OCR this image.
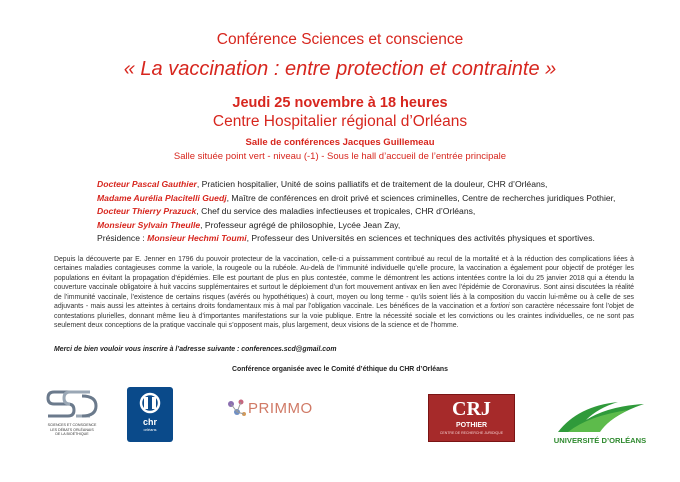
Conférence Sciences et conscience
« La vaccination : entre protection et contrainte »
Jeudi 25 novembre à 18 heures
Centre Hospitalier régional d’Orléans
Salle de conférences Jacques Guillemeau
Salle située point vert - niveau (-1) - Sous le hall d’accueil de l’entrée principale
Docteur Pascal Gauthier, Praticien hospitalier, Unité de soins palliatifs et de traitement de la douleur, CHR d’Orléans,
Madame Aurélia Placitelli Guedj, Maître de conférences en droit privé et sciences criminelles, Centre de recherches juridiques Pothier,
Docteur Thierry Prazuck, Chef du service des maladies infectieuses et tropicales, CHR d’Orléans,
Monsieur Sylvain Theulle, Professeur agrégé de philosophie, Lycée Jean Zay,
Présidence : Monsieur Hechmi Toumi, Professeur des Universités en sciences et techniques des activités physiques et sportives.
Depuis la découverte par E. Jenner en 1796 du pouvoir protecteur de la vaccination, celle-ci a puissamment contribué au recul de la mortalité et à la réduction des complications liées à certaines maladies contagieuses comme la variole, la rougeole ou la rubéole. Au-delà de l’immunité individuelle qu’elle procure, la vaccination a également pour objectif de protéger les populations en évitant la propagation d’épidémies. Elle est pourtant de plus en plus contestée, comme le démontrent les actions intentées contre la loi du 25 janvier 2018 qui a étendu la couverture vaccinale obligatoire à huit vaccins supplémentaires et surtout le déploiement d’un fort mouvement antivax en lien avec l’épidémie de Coronavirus. Sont ainsi discutées la réalité de l’immunité vaccinale, l’existence de certains risques (avérés ou hypothétiques) à court, moyen ou long terme - qu’ils soient liés à la composition du vaccin lui-même ou à celle de ses adjuvants - mais aussi les atteintes à certains droits fondamentaux mis à mal par l’obligation vaccinale. Les bénéfices de la vaccination et a fortiori son caractère nécessaire font l’objet de contestations plurielles, donnant même lieu à d’importantes manifestations sur la voie publique. Entre la nécessité sociale et les convictions ou les craintes individuelles, ce ne sont pas seulement deux conceptions de la pratique vaccinale qui s’opposent mais, plus largement, deux visions de la science et de l’homme.
Merci de bien vouloir vous inscrire à l’adresse suivante : conferences.scd@gmail.com
Conférence organisée avec le Comité d’éthique du CHR d’Orléans
SCIENCES ET CONSCIENCE
LES DÉBATS ORLÉANAIS
DE LA BIOÉTHIQUE
chr
orléans
PRIMMO	CRJ
POTHIER
CENTRE DE RECHERCHE JURIDIQUE
UNIVERSITÉ D’ORLÉANS
